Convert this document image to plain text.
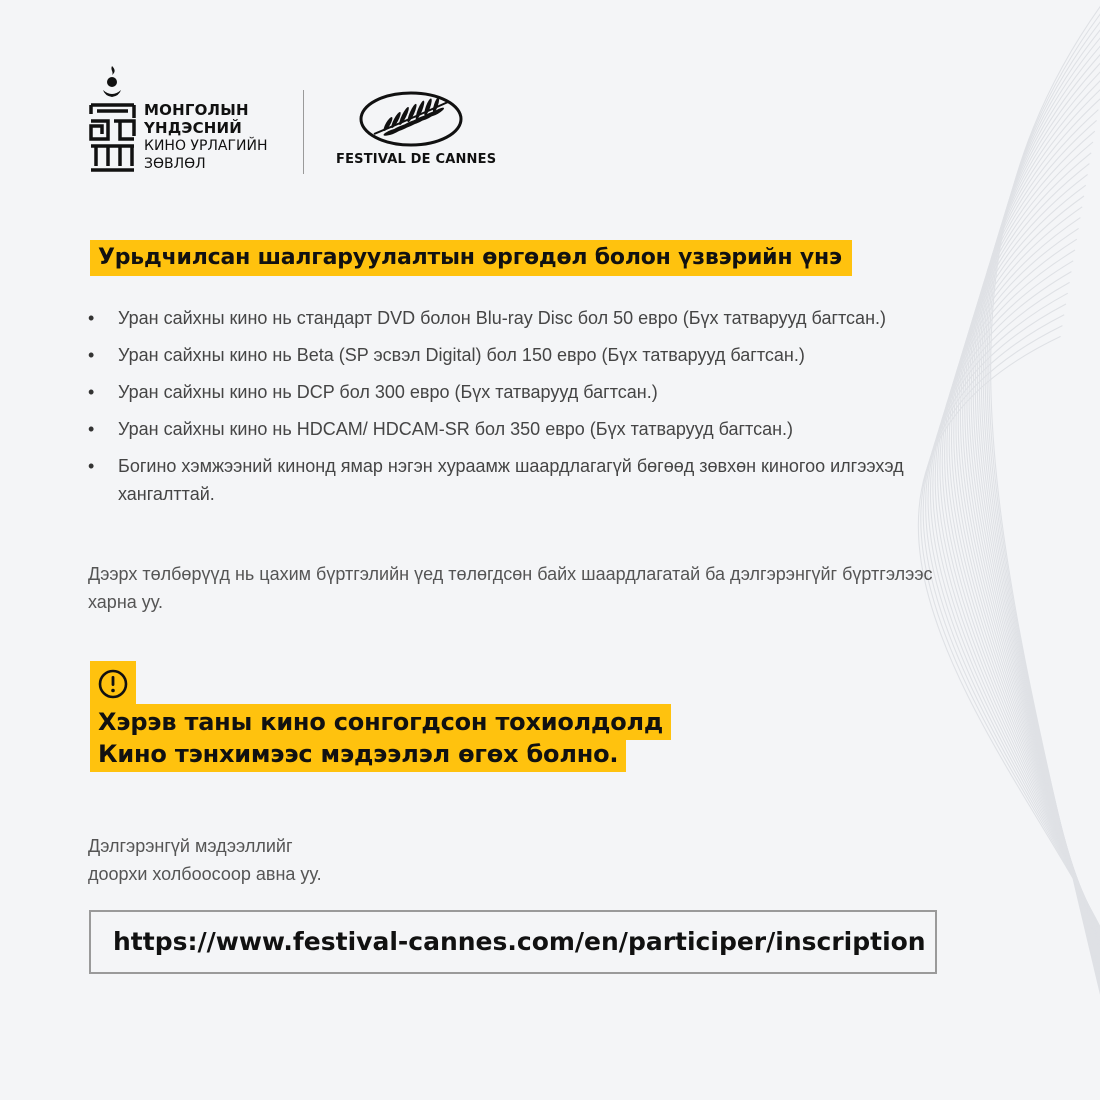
МОНГОЛЫН
ҮНДЭСНИЙ
КИНО УРЛАГИЙН
ЗӨВЛӨЛ	FESTIVAL DE CANNES
Урьдчилсан шалгаруулалтын өргөдөл болон үзвэрийн үнэ
• Уран сайхны кино нь стандарт DVD болон Blu-ray Disc бол 50 евро (Бүх татварууд багтсан.)
• Уран сайхны кино нь Beta (SP эсвэл Digital) бол 150 евро (Бүх татварууд багтсан.)
• Уран сайхны кино нь DCP бол 300 евро (Бүх татварууд багтсан.)
• Уран сайхны кино нь HDCAM/ HDCAM-SR бол 350 евро (Бүх татварууд багтсан.)
• Богино хэмжээний кинонд ямар нэгэн хураамж шаардлагагүй бөгөөд зөвхөн киногоо илгээхэд хангалттай.
Дээрх төлбөрүүд нь цахим бүртгэлийн үед төлөгдсөн байх шаардлагатай ба дэлгэрэнгүйг бүртгэлээс харна уу.
Хэрэв таны кино сонгогдсон тохиолдолд
Кино тэнхимээс мэдээлэл өгөх болно.
Дэлгэрэнгүй мэдээллийг
доорхи холбоосоор авна уу.
https://www.festival-cannes.com/en/participer/inscription
